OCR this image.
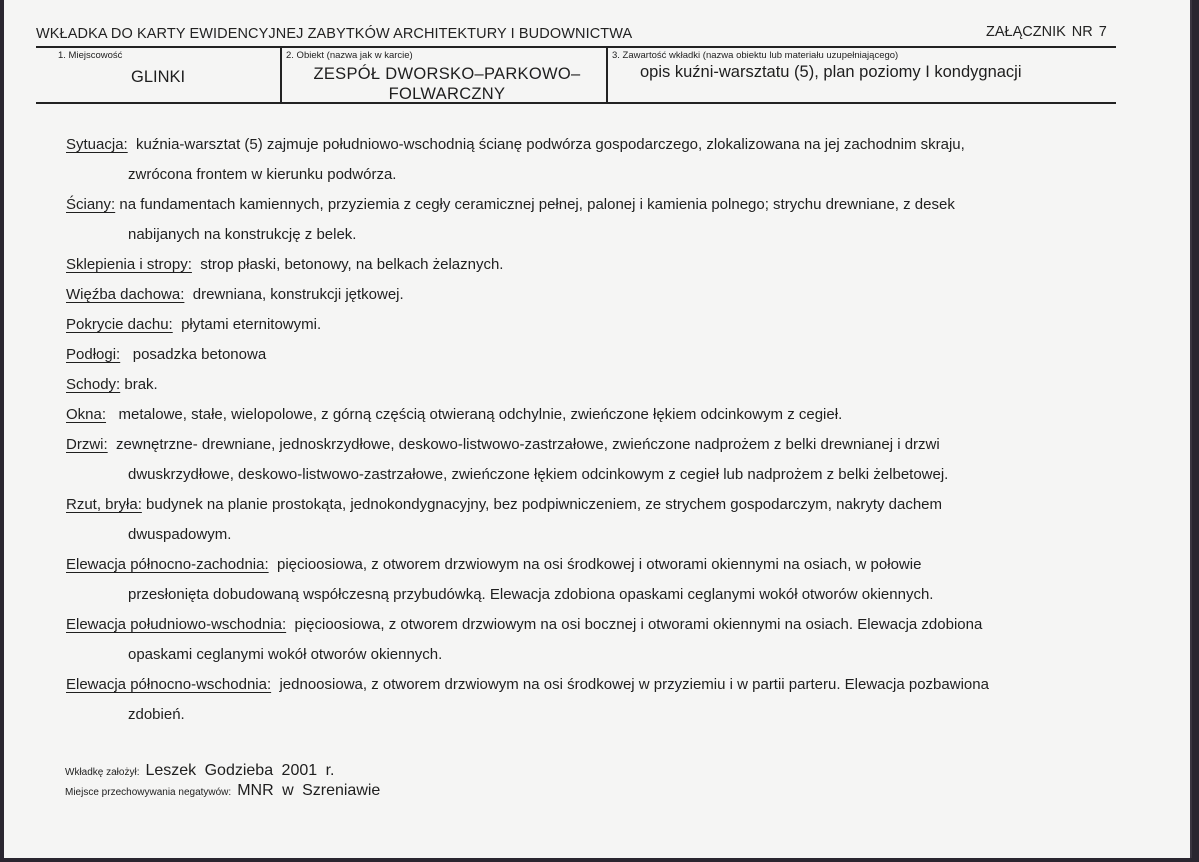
WKŁADKA DO KARTY EWIDENCYJNEJ ZABYTKÓW ARCHITEKTURY I BUDOWNICTWA	ZAŁĄCZNIK NR 7
1. Miejscowość
GLINKI
2. Obiekt (nazwa jak w karcie)
ZESPÓŁ DWORSKO–PARKOWO–
FOLWARCZNY
3. Zawartość wkładki (nazwa obiektu lub materiału uzupełniającego)
opis kuźni-warsztatu (5), plan poziomy I kondygnacji
Sytuacja: kuźnia-warsztat (5) zajmuje południowo-wschodnią ścianę podwórza gospodarczego, zlokalizowana na jej zachodnim skraju,
zwrócona frontem w kierunku podwórza.
Ściany: na fundamentach kamiennych, przyziemia z cegły ceramicznej pełnej, palonej i kamienia polnego; strychu drewniane, z desek
nabijanych na konstrukcję z belek.
Sklepienia i stropy: strop płaski, betonowy, na belkach żelaznych.
Więźba dachowa: drewniana, konstrukcji jętkowej.
Pokrycie dachu: płytami eternitowymi.
Podłogi: posadzka betonowa
Schody: brak.
Okna: metalowe, stałe, wielopolowe, z górną częścią otwieraną odchylnie, zwieńczone łękiem odcinkowym z cegieł.
Drzwi: zewnętrzne- drewniane, jednoskrzydłowe, deskowo-listwowo-zastrzałowe, zwieńczone nadprożem z belki drewnianej i drzwi
dwuskrzydłowe, deskowo-listwowo-zastrzałowe, zwieńczone łękiem odcinkowym z cegieł lub nadprożem z belki żelbetowej.
Rzut, bryła: budynek na planie prostokąta, jednokondygnacyjny, bez podpiwniczeniem, ze strychem gospodarczym, nakryty dachem
dwuspadowym.
Elewacja północno-zachodnia: pięcioosiowa, z otworem drzwiowym na osi środkowej i otworami okiennymi na osiach, w połowie
przesłonięta dobudowaną współczesną przybudówką. Elewacja zdobiona opaskami ceglanymi wokół otworów okiennych.
Elewacja południowo-wschodnia: pięcioosiowa, z otworem drzwiowym na osi bocznej i otworami okiennymi na osiach. Elewacja zdobiona
opaskami ceglanymi wokół otworów okiennych.
Elewacja północno-wschodnia: jednoosiowa, z otworem drzwiowym na osi środkowej w przyziemiu i w partii parteru. Elewacja pozbawiona
zdobień.
Wkładkę założył: Leszek Godzieba 2001 r.
Miejsce przechowywania negatywów: MNR w Szreniawie
